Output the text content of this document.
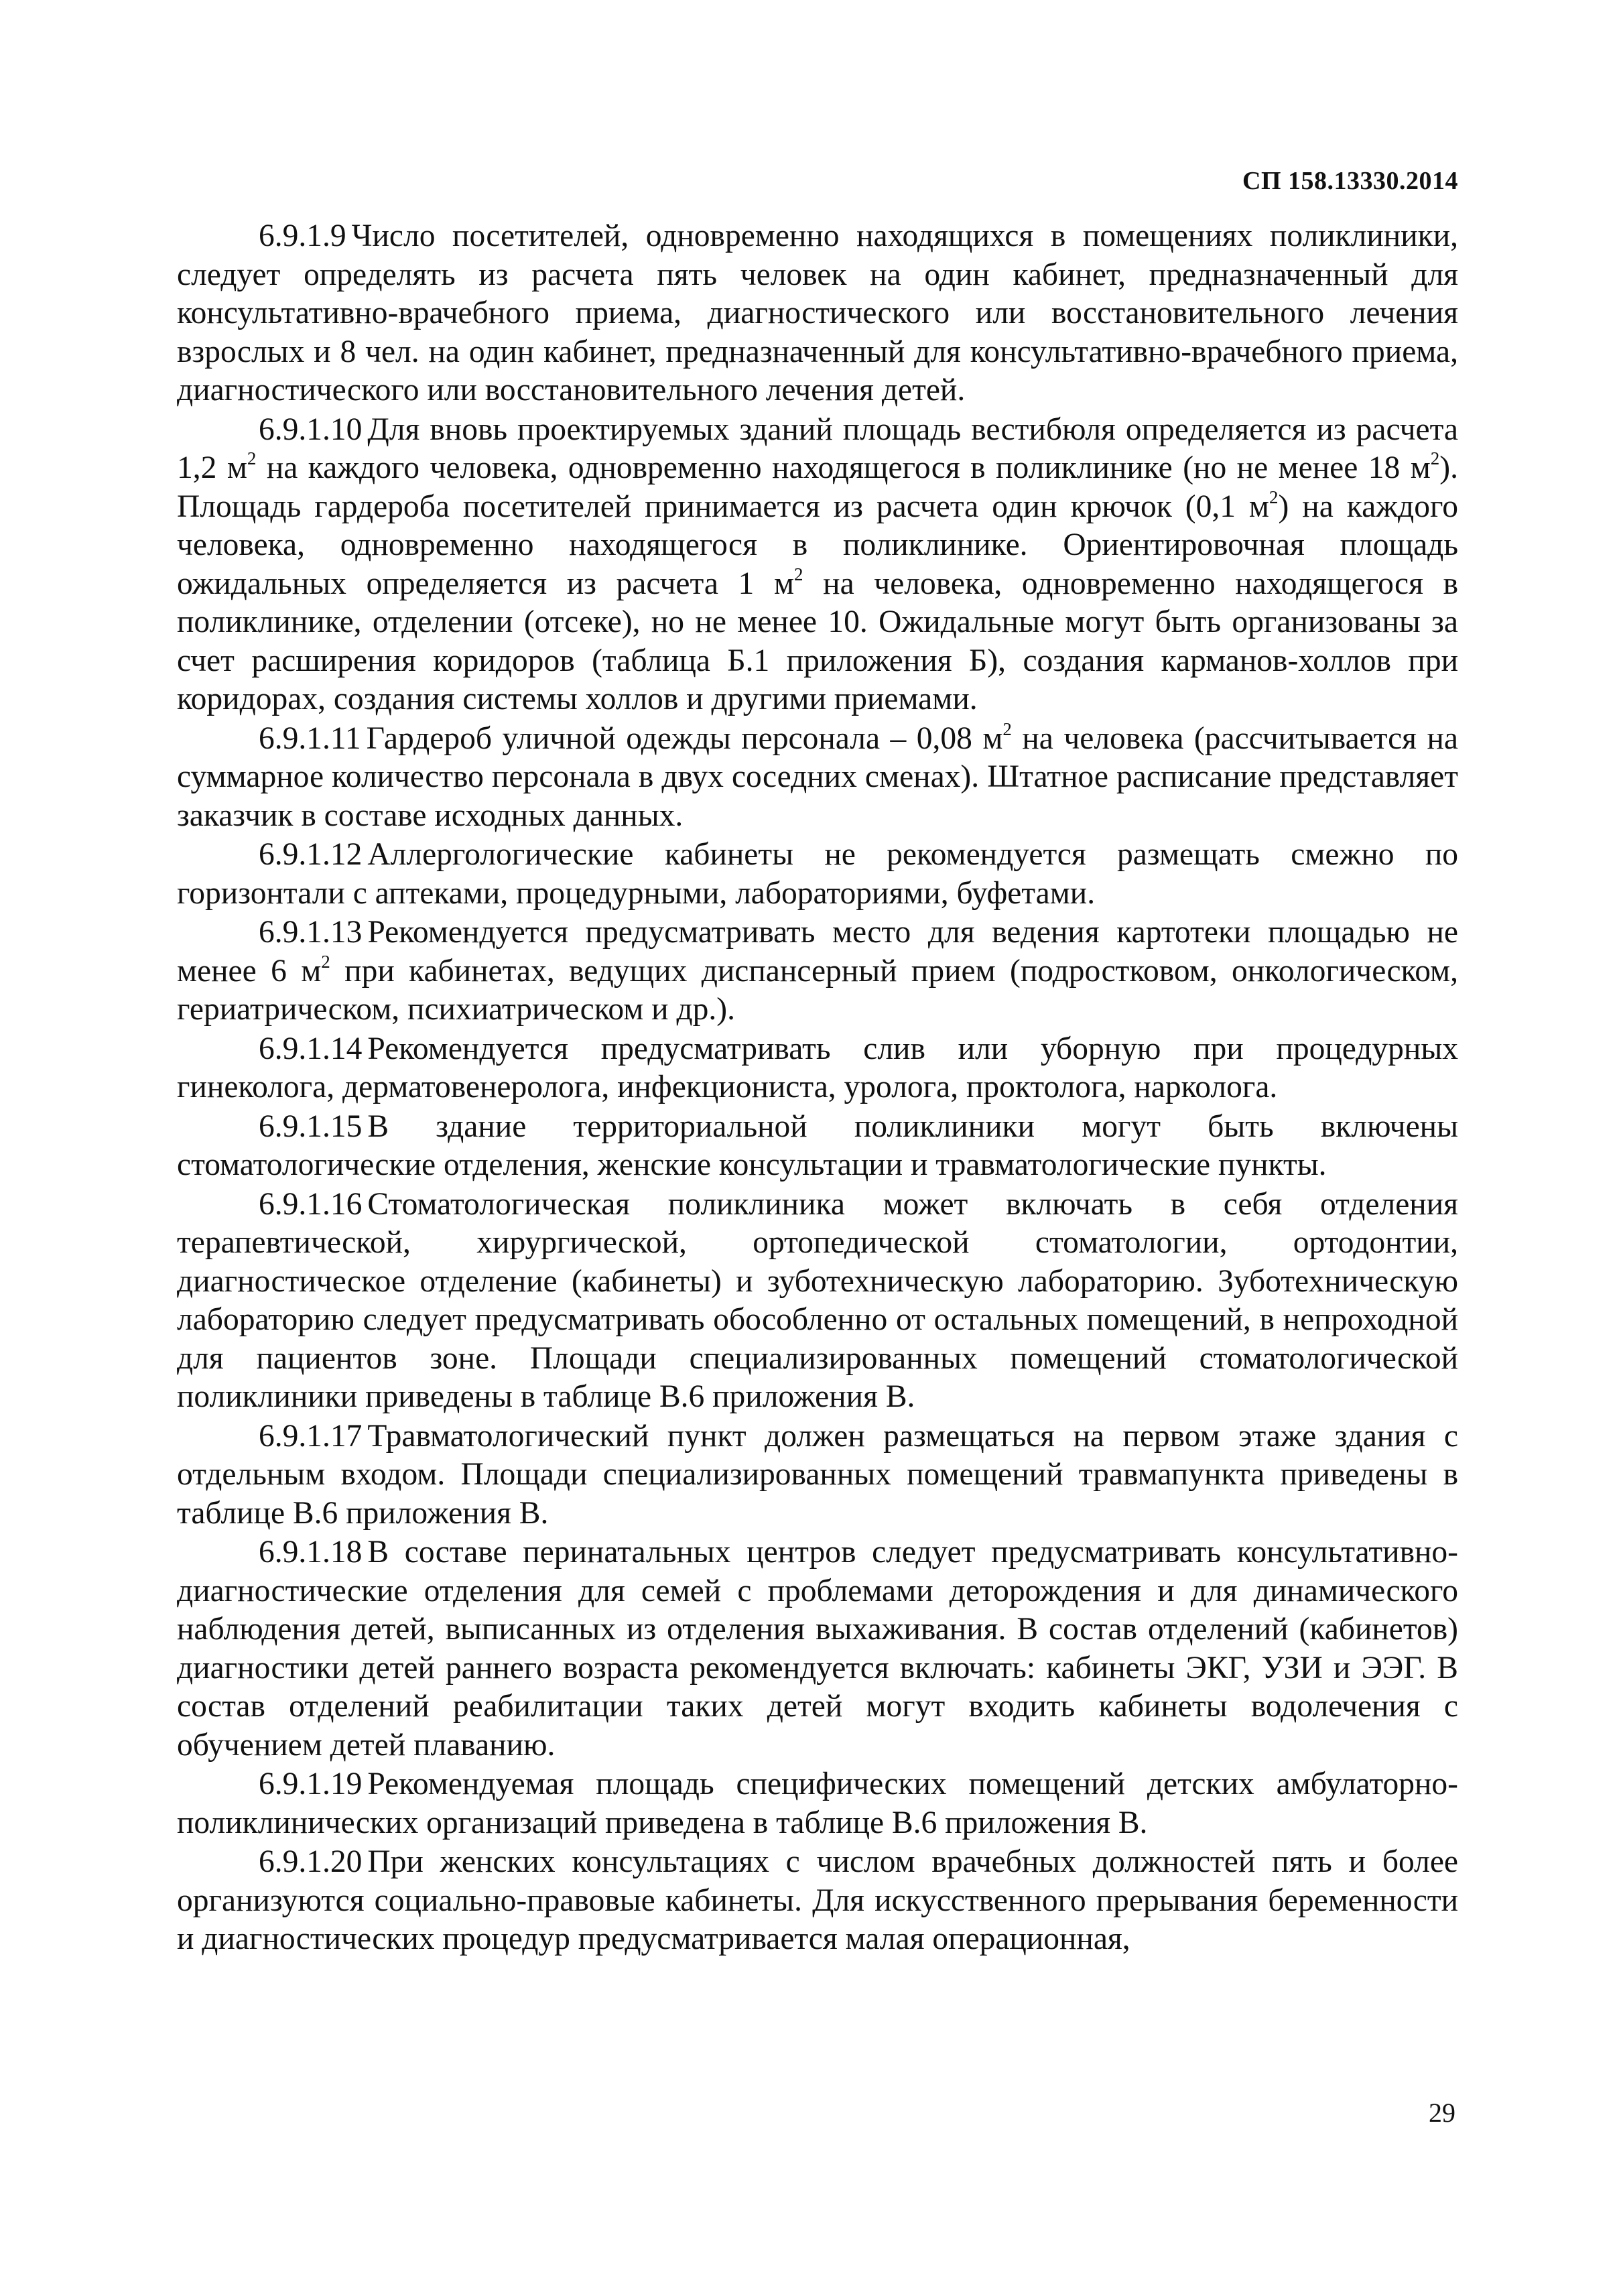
СП 158.13330.2014

6.9.1.9 Число посетителей, одновременно находящихся в помещениях поликлиники, следует определять из расчета пять человек на один кабинет, предназначенный для консультативно-врачебного приема, диагностического или восстановительного лечения взрослых и 8 чел. на один кабинет, предназначенный для консультативно-врачебного приема, диагностического или восстановительного лечения детей.

6.9.1.10 Для вновь проектируемых зданий площадь вестибюля определяется из расчета 1,2 $м^2$ на каждого человека, одновременно находящегося в поликлинике (но не менее 18 $м^2$). Площадь гардероба посетителей принимается из расчета один крючок (0,1 $м^2$) на каждого человека, одновременно находящегося в поликлинике. Ориентировочная площадь ожидальных определяется из расчета 1 $м^2$ на человека, одновременно находящегося в поликлинике, отделении (отсеке), но не менее 10. Ожидальные могут быть организованы за счет расширения коридоров (таблица Б.1 приложения Б), создания карманов-холлов при коридорах, создания системы холлов и другими приемами.

6.9.1.11 Гардероб уличной одежды персонала – 0,08 $м^2$ на человека (рассчитывается на суммарное количество персонала в двух соседних сменах). Штатное расписание представляет заказчик в составе исходных данных.

6.9.1.12 Аллергологические кабинеты не рекомендуется размещать смежно по горизонтали с аптеками, процедурными, лабораториями, буфетами.

6.9.1.13 Рекомендуется предусматривать место для ведения картотеки площадью не менее 6 $м^2$ при кабинетах, ведущих диспансерный прием (подростковом, онкологическом, гериатрическом, психиатрическом и др.).

6.9.1.14 Рекомендуется предусматривать слив или уборную при процедурных гинеколога, дерматовенеролога, инфекциониста, уролога, проктолога, нарколога.

6.9.1.15 В здание территориальной поликлиники могут быть включены стоматологические отделения, женские консультации и травматологические пункты.

6.9.1.16 Стоматологическая поликлиника может включать в себя отделения терапевтической, хирургической, ортопедической стоматологии, ортодонтии, диагностическое отделение (кабинеты) и зуботехническую лабораторию. Зуботехническую лабораторию следует предусматривать обособленно от остальных помещений, в непроходной для пациентов зоне. Площади специализированных помещений стоматологической поликлиники приведены в таблице В.6 приложения В.

6.9.1.17 Травматологический пункт должен размещаться на первом этаже здания с отдельным входом. Площади специализированных помещений травмапункта приведены в таблице В.6 приложения В.

6.9.1.18 В составе перинатальных центров следует предусматривать консультативно-диагностические отделения для семей с проблемами деторождения и для динамического наблюдения детей, выписанных из отделения выхаживания. В состав отделений (кабинетов) диагностики детей раннего возраста рекомендуется включать: кабинеты ЭКГ, УЗИ и ЭЭГ. В состав отделений реабилитации таких детей могут входить кабинеты водолечения с обучением детей плаванию.

6.9.1.19 Рекомендуемая площадь специфических помещений детских амбулаторно-поликлинических организаций приведена в таблице В.6 приложения В.

6.9.1.20 При женских консультациях с числом врачебных должностей пять и более организуются социально-правовые кабинеты. Для искусственного прерывания беременности и диагностических процедур предусматривается малая операционная,

29
